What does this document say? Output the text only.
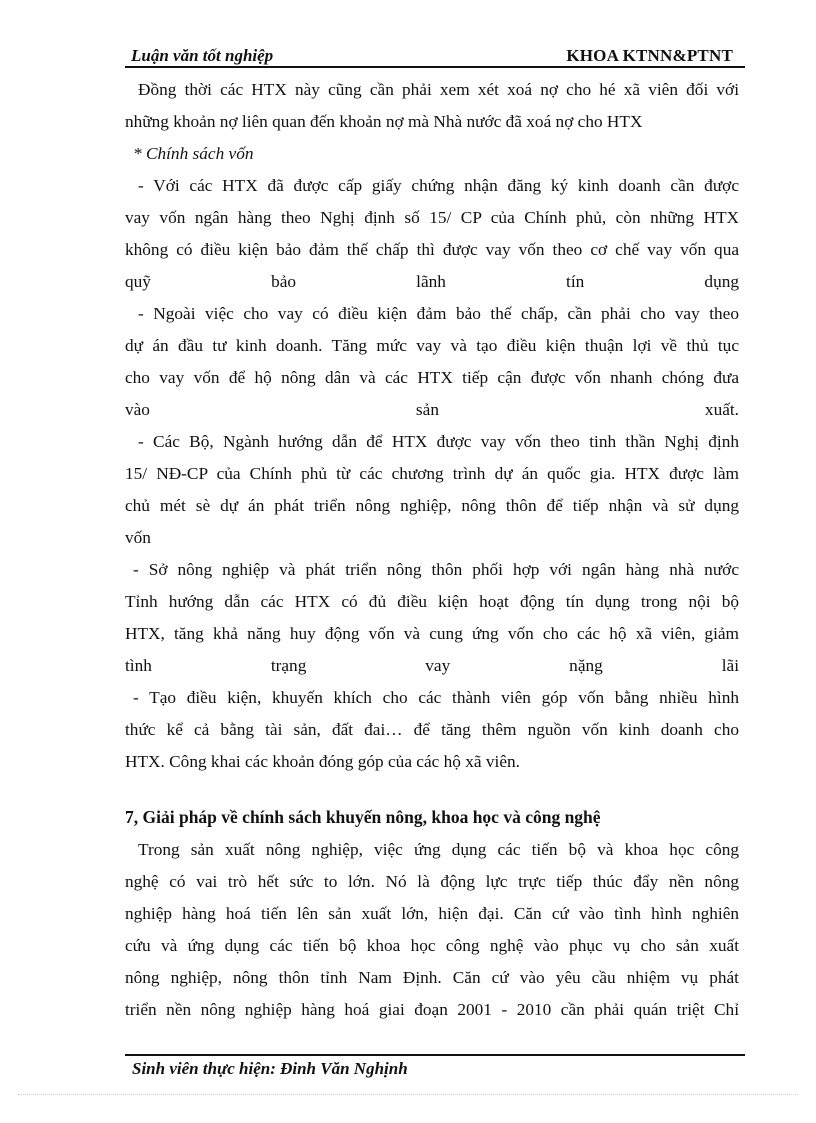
Luận văn tốt nghiệp	KHOA KTNN&PTNT
Đồng thời các HTX này cũng cần phải xem xét xoá nợ cho hé xã viên đối với
những khoản nợ liên quan đến khoản nợ mà Nhà nước đã xoá nợ cho HTX
* Chính sách vốn
- Với các HTX đã được cấp giấy chứng nhận đăng ký kinh doanh cần được
vay vốn ngân hàng theo Nghị định số 15/ CP của Chính phủ, còn những HTX
không có điều kiện bảo đảm thế chấp thì được vay vốn theo cơ chế vay vốn qua
quỹ bảo lãnh tín dụng
- Ngoài việc cho vay có điều kiện đảm bảo thế chấp, cần phải cho vay theo
dự án đầu tư kinh doanh. Tăng mức vay và tạo điều kiện thuận lợi về thủ tục
cho vay vốn để hộ nông dân và các HTX tiếp cận được vốn nhanh chóng đưa
vào sản xuất.
- Các Bộ, Ngành hướng dẫn để HTX được vay vốn theo tinh thần Nghị định
15/ NĐ-CP của Chính phủ từ các chương trình dự án quốc gia. HTX được làm
chủ mét sè dự án phát triển nông nghiệp, nông thôn để tiếp nhận và sử dụng
vốn
- Sở nông nghiệp và phát triển nông thôn phối hợp với ngân hàng nhà nước
Tỉnh hướng dẫn các HTX có đủ điều kiện hoạt động tín dụng trong nội bộ
HTX, tăng khả năng huy động vốn và cung ứng vốn cho các hộ xã viên, giảm
tình trạng vay nặng lãi
- Tạo điều kiện, khuyến khích cho các thành viên góp vốn bằng nhiều hình
thức kể cả bằng tài sản, đất đai… để tăng thêm nguồn vốn kinh doanh cho
HTX. Công khai các khoản đóng góp của các hộ xã viên.
7, Giải pháp về chính sách khuyến nông, khoa học và công nghệ
Trong sản xuất nông nghiệp, việc ứng dụng các tiến bộ và khoa học công
nghệ có vai trò hết sức to lớn. Nó là động lực trực tiếp thúc đẩy nền nông
nghiệp hàng hoá tiến lên sản xuất lớn, hiện đại. Căn cứ vào tình hình nghiên
cứu và ứng dụng các tiến bộ khoa học công nghệ vào phục vụ cho sản xuất
nông nghiệp, nông thôn tỉnh Nam Định. Căn cứ vào yêu cầu nhiệm vụ phát
triển nền nông nghiệp hàng hoá giai đoạn 2001 - 2010 cần phải quán triệt Chỉ
Sinh viên thực hiện: Đinh Văn Nghịnh
